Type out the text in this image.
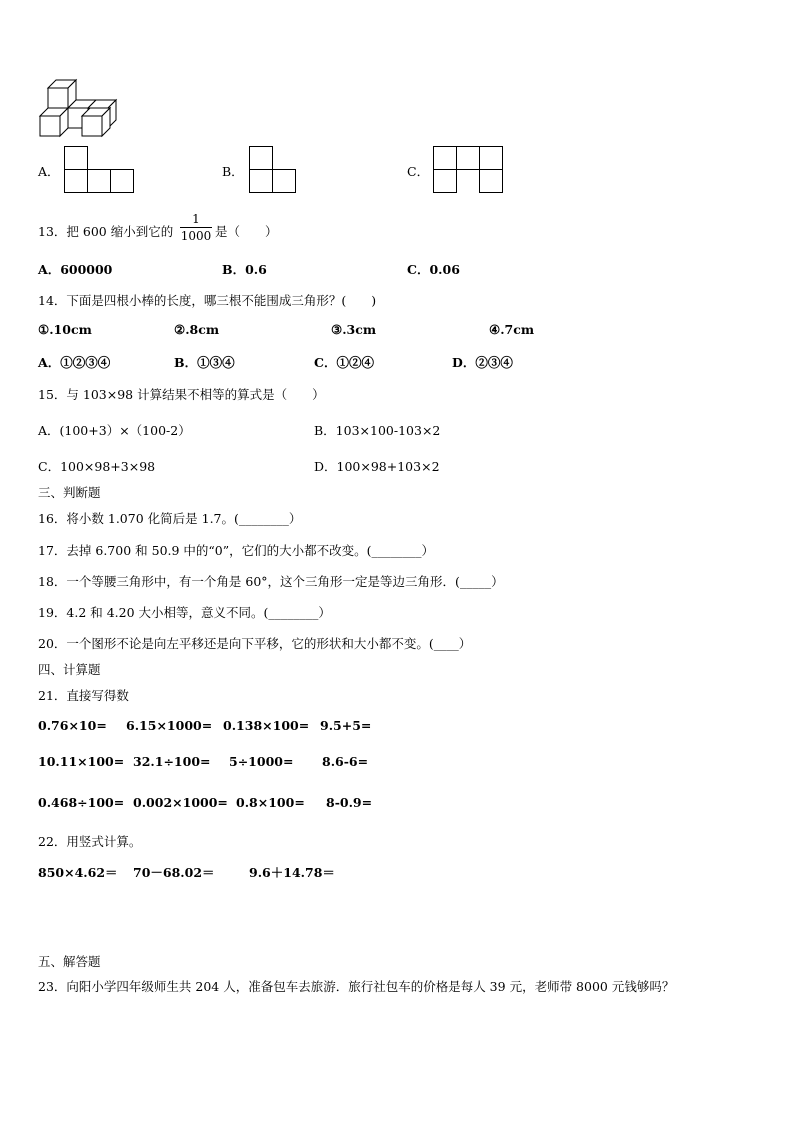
A．	B．	C．
13．把 600 缩小到它的
1
1000 是（　　）
A．600000	B．0.6	C．0.06
14．下面是四根小棒的长度，哪三根不能围成三角形？(　　)
①.10cm	②.8cm	③.3cm	④.7cm
A．①②③④	B．①③④	C．①②④	D．②③④
15．与 103×98 计算结果不相等的算式是（　　）
A．(100+3）×（100-2）	B．103×100-103×2
C．100×98+3×98	D．100×98+103×2
三、判断题
16．将小数 1.070 化简后是 1.7。(________）
17．去掉 6.700 和 50.9 中的“0”，它们的大小都不改变。(________）
18．一个等腰三角形中，有一个角是 60°，这个三角形一定是等边三角形．(_____）
19．4.2 和 4.20 大小相等，意义不同。(________）
20．一个图形不论是向左平移还是向下平移，它的形状和大小都不变。(____）
四、计算题
21．直接写得数
0.76×10= 6.15×1000= 0.138×100= 9.5+5=
10.11×100= 32.1÷100= 5÷1000= 8.6-6=
0.468÷100= 0.002×1000= 0.8×100= 8-0.9=
22．用竖式计算。
850×4.62＝ 70－68.02＝	9.6＋14.78＝
五、解答题
23．向阳小学四年级师生共 204 人，准备包车去旅游．旅行社包车的价格是每人 39 元，老师带 8000 元钱够吗？
